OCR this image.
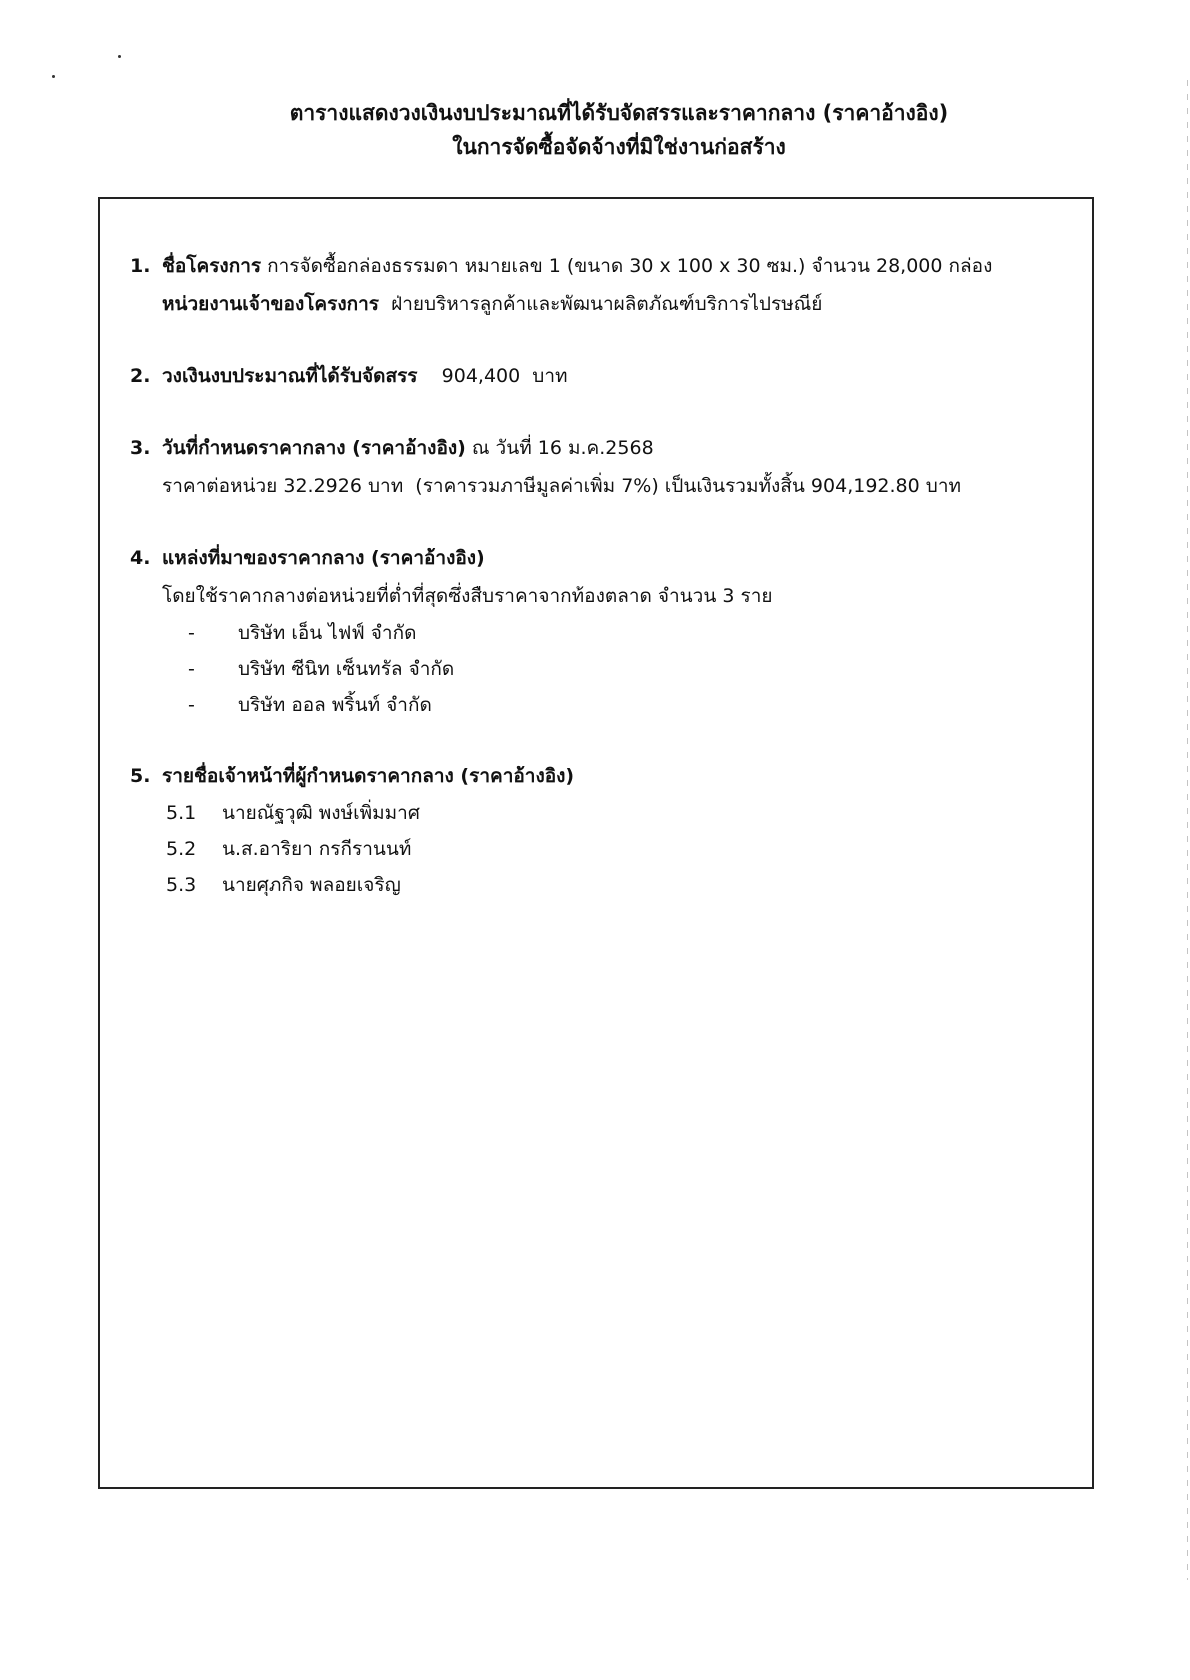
ตารางแสดงวงเงินงบประมาณที่ได้รับจัดสรรและราคากลาง (ราคาอ้างอิง)
ในการจัดซื้อจัดจ้างที่มิใช่งานก่อสร้าง
1. ชื่อโครงการ การจัดซื้อกล่องธรรมดา หมายเลข 1 (ขนาด 30 x 100 x 30 ซม.) จำนวน 28,000 กล่อง
หน่วยงานเจ้าของโครงการ  ฝ่ายบริหารลูกค้าและพัฒนาผลิตภัณฑ์บริการไปรษณีย์
2. วงเงินงบประมาณที่ได้รับจัดสรร    904,400  บาท
3. วันที่กำหนดราคากลาง (ราคาอ้างอิง) ณ วันที่ 16 ม.ค.2568
ราคาต่อหน่วย 32.2926 บาท  (ราคารวมภาษีมูลค่าเพิ่ม 7%) เป็นเงินรวมทั้งสิ้น 904,192.80 บาท
4. แหล่งที่มาของราคากลาง (ราคาอ้างอิง)
โดยใช้ราคากลางต่อหน่วยที่ต่ำที่สุดซึ่งสืบราคาจากท้องตลาด จำนวน 3 ราย
- บริษัท เอ็น ไฟฟ์ จำกัด
- บริษัท ซีนิท เซ็นทรัล จำกัด
- บริษัท ออล พริ้นท์ จำกัด
5. รายชื่อเจ้าหน้าที่ผู้กำหนดราคากลาง (ราคาอ้างอิง)
5.1 นายณัฐวุฒิ พงษ์เพิ่มมาศ
5.2 น.ส.อาริยา กรกีรานนท์
5.3 นายศุภกิจ พลอยเจริญ
